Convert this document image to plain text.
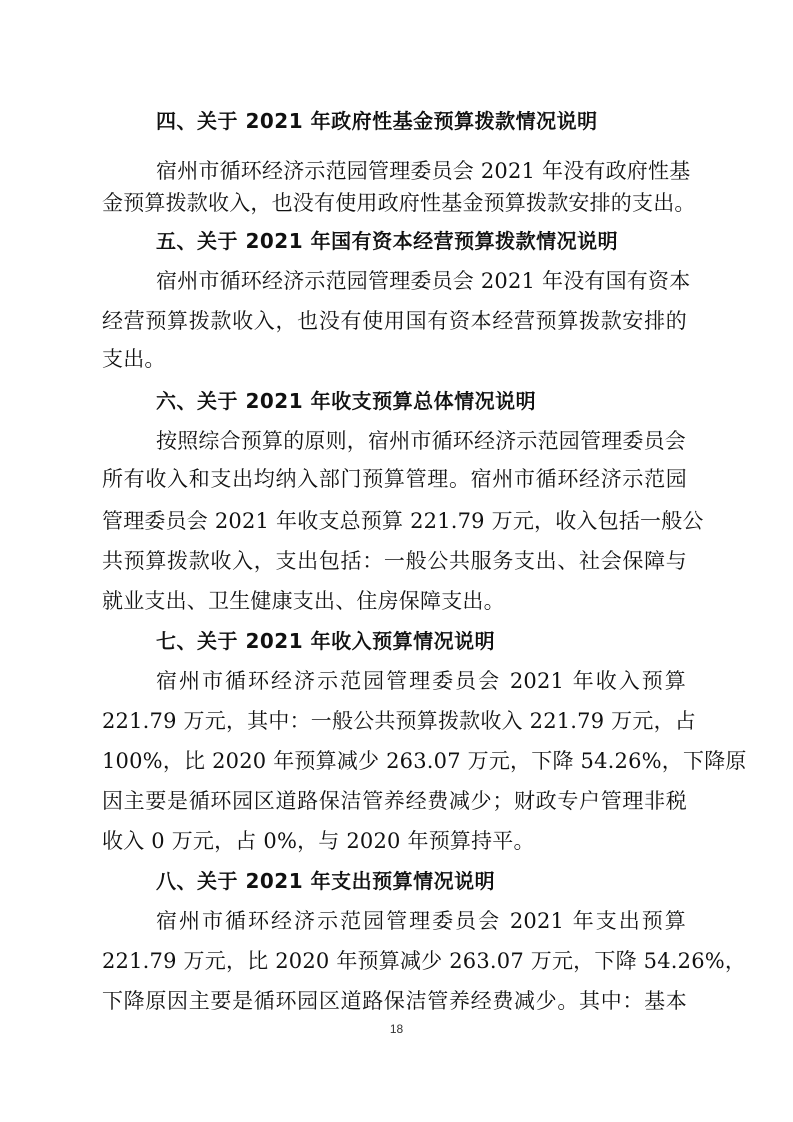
四、关于 2021 年政府性基金预算拨款情况说明
宿州市循环经济示范园管理委员会 2021 年没有政府性基
金预算拨款收入，也没有使用政府性基金预算拨款安排的支出。
五、关于 2021 年国有资本经营预算拨款情况说明
宿州市循环经济示范园管理委员会 2021 年没有国有资本
经营预算拨款收入，也没有使用国有资本经营预算拨款安排的
支出。
六、关于 2021 年收支预算总体情况说明
按照综合预算的原则，宿州市循环经济示范园管理委员会
所有收入和支出均纳入部门预算管理。宿州市循环经济示范园
管理委员会 2021 年收支总预算 221.79 万元，收入包括一般公
共预算拨款收入，支出包括：一般公共服务支出、社会保障与
就业支出、卫生健康支出、住房保障支出。
七、关于 2021 年收入预算情况说明
宿州市循环经济示范园管理委员会 2021 年收入预算
221.79 万元，其中：一般公共预算拨款收入 221.79 万元，占
100%，比 2020 年预算减少 263.07 万元，下降 54.26%，下降原
因主要是循环园区道路保洁管养经费减少；财政专户管理非税
收入 0 万元，占 0%，与 2020 年预算持平。
八、关于 2021 年支出预算情况说明
宿州市循环经济示范园管理委员会 2021 年支出预算
221.79 万元，比 2020 年预算减少 263.07 万元，下降 54.26%，
下降原因主要是循环园区道路保洁管养经费减少。其中：基本
18
